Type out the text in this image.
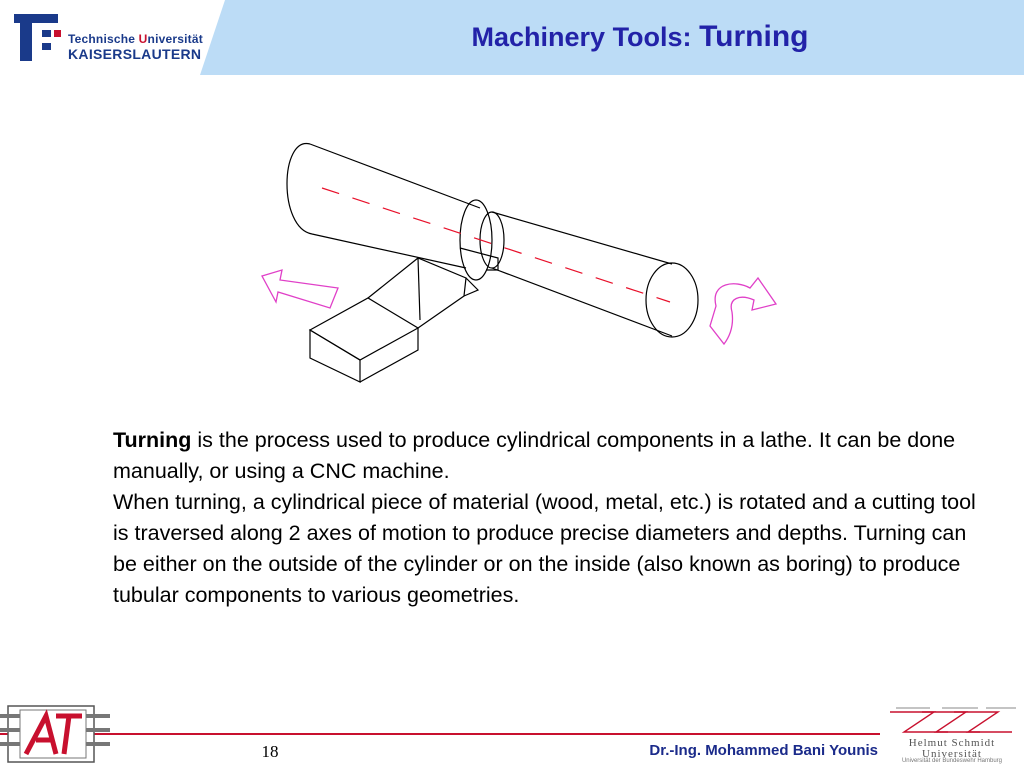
Technische Universität
KAISERSLAUTERN
Machinery Tools: Turning

Turning is the process used to produce cylindrical components in a lathe. It can be done manually, or using a CNC machine.

When turning, a cylindrical piece of material (wood, metal, etc.) is rotated and a cutting tool is traversed along 2 axes of motion to produce precise diameters and depths. Turning can be either on the outside of the cylinder or on the inside (also known as boring) to produce tubular components to various geometries.

18	Dr.-Ing. Mohammed Bani Younis	Helmut Schmidt
Universität
Universität der Bundeswehr Hamburg
